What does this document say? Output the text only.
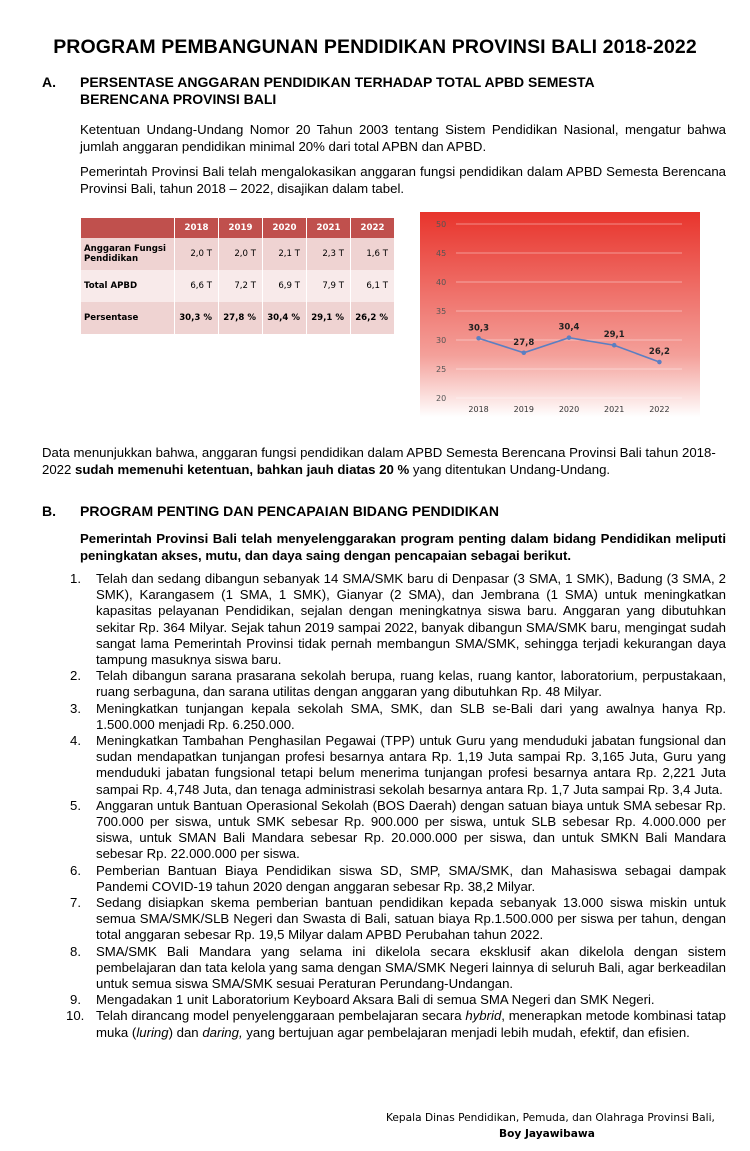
PROGRAM PEMBANGUNAN PENDIDIKAN PROVINSI BALI 2018-2022
A. PERSENTASE ANGGARAN PENDIDIKAN TERHADAP TOTAL APBD SEMESTA BERENCANA PROVINSI BALI
Ketentuan Undang-Undang Nomor 20 Tahun 2003 tentang Sistem Pendidikan Nasional, mengatur bahwa jumlah anggaran pendidikan minimal 20% dari total APBN dan APBD.
Pemerintah Provinsi Bali telah mengalokasikan anggaran fungsi pendidikan dalam APBD Semesta Berencana Provinsi Bali, tahun 2018 – 2022, disajikan dalam tabel.
	2018	2019	2020	2021	2022
Anggaran Fungsi Pendidikan	2,0 T	2,0 T	2,1 T	2,3 T	1,6 T
Total APBD	6,6 T	7,2 T	6,9 T	7,9 T	6,1 T
Persentase	30,3 %	27,8 %	30,4 %	29,1 %	26,2 %
50
45
40
35
30
25
20
2018	2019	2020	2021	2022
30,3
27,8
30,4
29,1
26,2
Data menunjukkan bahwa, anggaran fungsi pendidikan dalam APBD Semesta Berencana Provinsi Bali tahun 2018-2022 sudah memenuhi ketentuan, bahkan jauh diatas 20 % yang ditentukan Undang-Undang.
B. PROGRAM PENTING DAN PENCAPAIAN BIDANG PENDIDIKAN
Pemerintah Provinsi Bali telah menyelenggarakan program penting dalam bidang Pendidikan meliputi peningkatan akses, mutu, dan daya saing dengan pencapaian sebagai berikut.
1. Telah dan sedang dibangun sebanyak 14 SMA/SMK baru di Denpasar (3 SMA, 1 SMK), Badung (3 SMA, 2 SMK), Karangasem (1 SMA, 1 SMK), Gianyar (2 SMA), dan Jembrana (1 SMA) untuk meningkatkan kapasitas pelayanan Pendidikan, sejalan dengan meningkatnya siswa baru. Anggaran yang dibutuhkan sekitar Rp. 364 Milyar. Sejak tahun 2019 sampai 2022, banyak dibangun SMA/SMK baru, mengingat sudah sangat lama Pemerintah Provinsi tidak pernah membangun SMA/SMK, sehingga terjadi kekurangan daya tampung masuknya siswa baru.
2. Telah dibangun sarana prasarana sekolah berupa, ruang kelas, ruang kantor, laboratorium, perpustakaan, ruang serbaguna, dan sarana utilitas dengan anggaran yang dibutuhkan Rp. 48 Milyar.
3. Meningkatkan tunjangan kepala sekolah SMA, SMK, dan SLB se-Bali dari yang awalnya hanya Rp. 1.500.000 menjadi Rp. 6.250.000.
4. Meningkatkan Tambahan Penghasilan Pegawai (TPP) untuk Guru yang menduduki jabatan fungsional dan sudan mendapatkan tunjangan profesi besarnya antara Rp. 1,19 Juta sampai Rp. 3,165 Juta, Guru yang menduduki jabatan fungsional tetapi belum menerima tunjangan profesi besarnya antara Rp. 2,221 Juta sampai Rp. 4,748 Juta, dan tenaga administrasi sekolah besarnya antara Rp. 1,7 Juta sampai Rp. 3,4 Juta.
5. Anggaran untuk Bantuan Operasional Sekolah (BOS Daerah) dengan satuan biaya untuk SMA sebesar Rp. 700.000 per siswa, untuk SMK sebesar Rp. 900.000 per siswa, untuk SLB sebesar Rp. 4.000.000 per siswa, untuk SMAN Bali Mandara sebesar Rp. 20.000.000 per siswa, dan untuk SMKN Bali Mandara sebesar Rp. 22.000.000 per siswa.
6. Pemberian Bantuan Biaya Pendidikan siswa SD, SMP, SMA/SMK, dan Mahasiswa sebagai dampak Pandemi COVID-19 tahun 2020 dengan anggaran sebesar Rp. 38,2 Milyar.
7. Sedang disiapkan skema pemberian bantuan pendidikan kepada sebanyak 13.000 siswa miskin untuk semua SMA/SMK/SLB Negeri dan Swasta di Bali, satuan biaya Rp.1.500.000 per siswa per tahun, dengan total anggaran sebesar Rp. 19,5 Milyar dalam APBD Perubahan tahun 2022.
8. SMA/SMK Bali Mandara yang selama ini dikelola secara eksklusif akan dikelola dengan sistem pembelajaran dan tata kelola yang sama dengan SMA/SMK Negeri lainnya di seluruh Bali, agar berkeadilan untuk semua siswa SMA/SMK sesuai Peraturan Perundang-Undangan.
9. Mengadakan 1 unit Laboratorium Keyboard Aksara Bali di semua SMA Negeri dan SMK Negeri.
10. Telah dirancang model penyelenggaraan pembelajaran secara hybrid, menerapkan metode kombinasi tatap muka (luring) dan daring, yang bertujuan agar pembelajaran menjadi lebih mudah, efektif, dan efisien.
Kepala Dinas Pendidikan, Pemuda, dan Olahraga Provinsi Bali,
Boy Jayawibawa
